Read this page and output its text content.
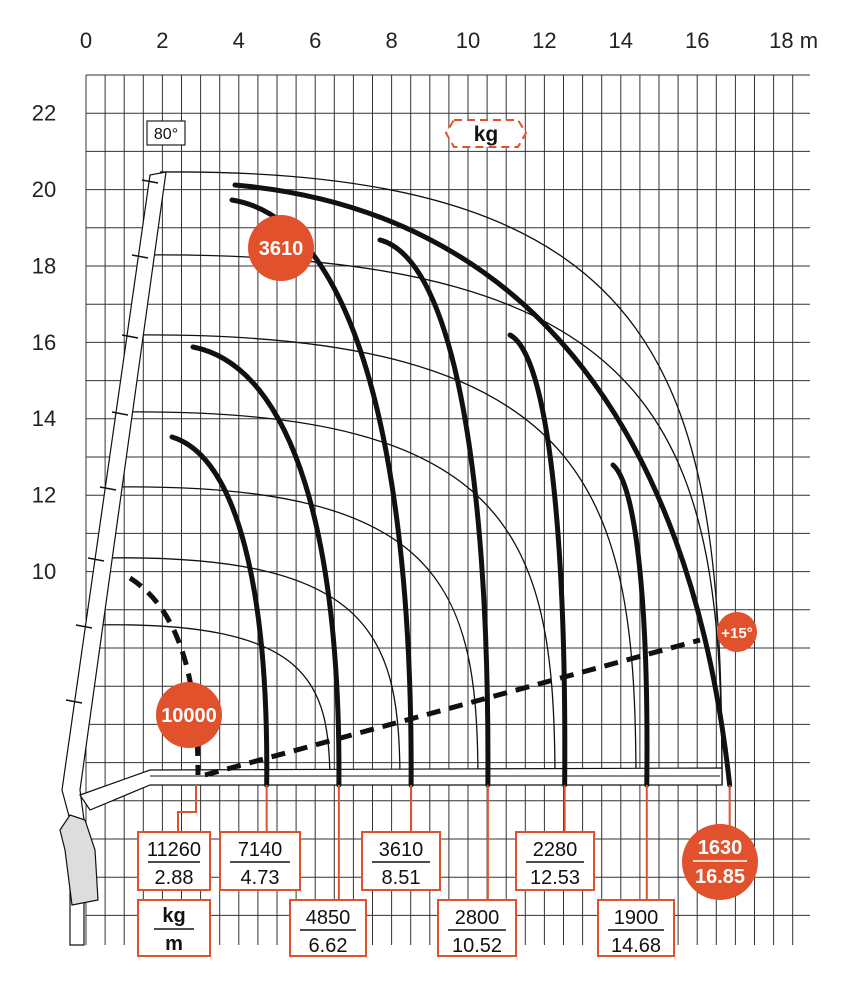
0	2	4	6	8	10 12 14 16	18 m
10
12
14
16
18
20
22
80°	kg
11260
2.88
7140
4.73
4850
6.62
3610
8.51
2800
10.52
2280
12.53
1900
14.68
kg
m
10000
3610
+15°
1630
16.85
